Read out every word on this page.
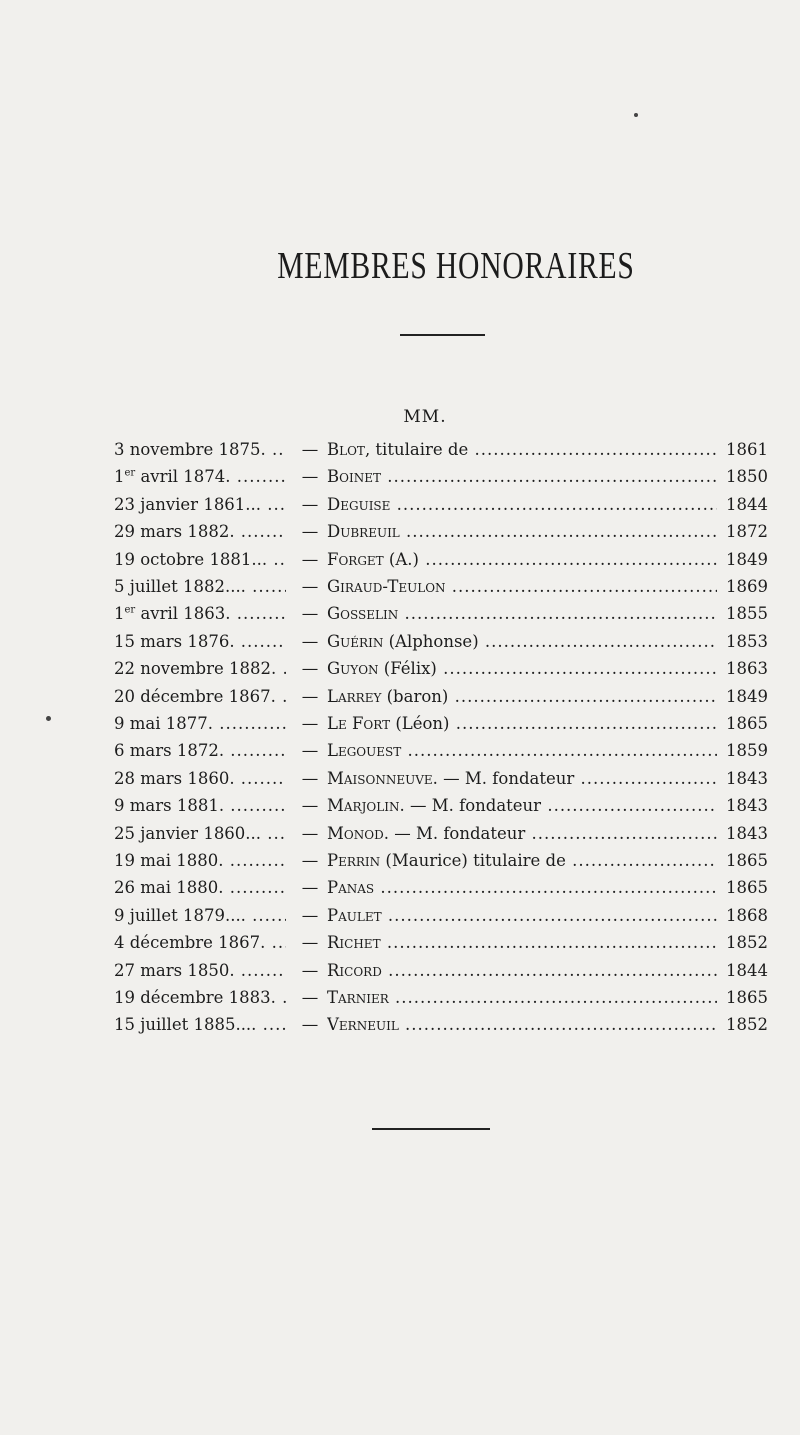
MEMBRES HONORAIRES
MM.
3 novembre 1875. .....	— Blot, titulaire de .....	1861
1er avril 1874. .....	— Boinet .....	1850
23 janvier 1861... .....	— Deguise .....	1844
29 mars 1882. .....	— Dubreuil .....	1872
19 octobre 1881... .....	— Forget (A.) .....	1849
5 juillet 1882.... .....	— Giraud-Teulon .....	1869
1er avril 1863. .....	— Gosselin .....	1855
15 mars 1876. .....	— Guérin (Alphonse) .....	1853
22 novembre 1882. .....	— Guyon (Félix) .....	1863
20 décembre 1867. .....	— Larrey (baron) .....	1849
9 mai 1877. .....	— Le Fort (Léon) .....	1865
6 mars 1872. .....	— Legouest .....	1859
28 mars 1860. .....	— Maisonneuve. — M. fondateur .....	1843
9 mars 1881. .....	— Marjolin. — M. fondateur .....	1843
25 janvier 1860... .....	— Monod. — M. fondateur .....	1843
19 mai 1880. .....	— Perrin (Maurice) titulaire de .....	1865
26 mai 1880. .....	— Panas .....	1865
9 juillet 1879.... .....	— Paulet .....	1868
4 décembre 1867. .....	— Richet .....	1852
27 mars 1850. .....	— Ricord .....	1844
19 décembre 1883. .....	— Tarnier .....	1865
15 juillet 1885.... .....	— Verneuil .....	1852
